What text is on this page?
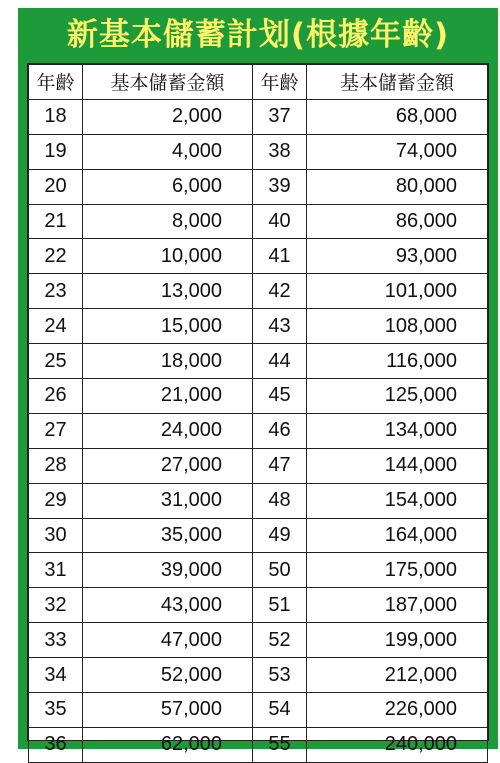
新基本儲蓄計划(根據年齡)
年齡	基本儲蓄金額	年齡	基本儲蓄金額
18	2,000	37	68,000
19	4,000	38	74,000
20	6,000	39	80,000
21	8,000	40	86,000
22	10,000	41	93,000
23	13,000	42	101,000
24	15,000	43	108,000
25	18,000	44	116,000
26	21,000	45	125,000
27	24,000	46	134,000
28	27,000	47	144,000
29	31,000	48	154,000
30	35,000	49	164,000
31	39,000	50	175,000
32	43,000	51	187,000
33	47,000	52	199,000
34	52,000	53	212,000
35	57,000	54	226,000
36	62,000	55	240,000
